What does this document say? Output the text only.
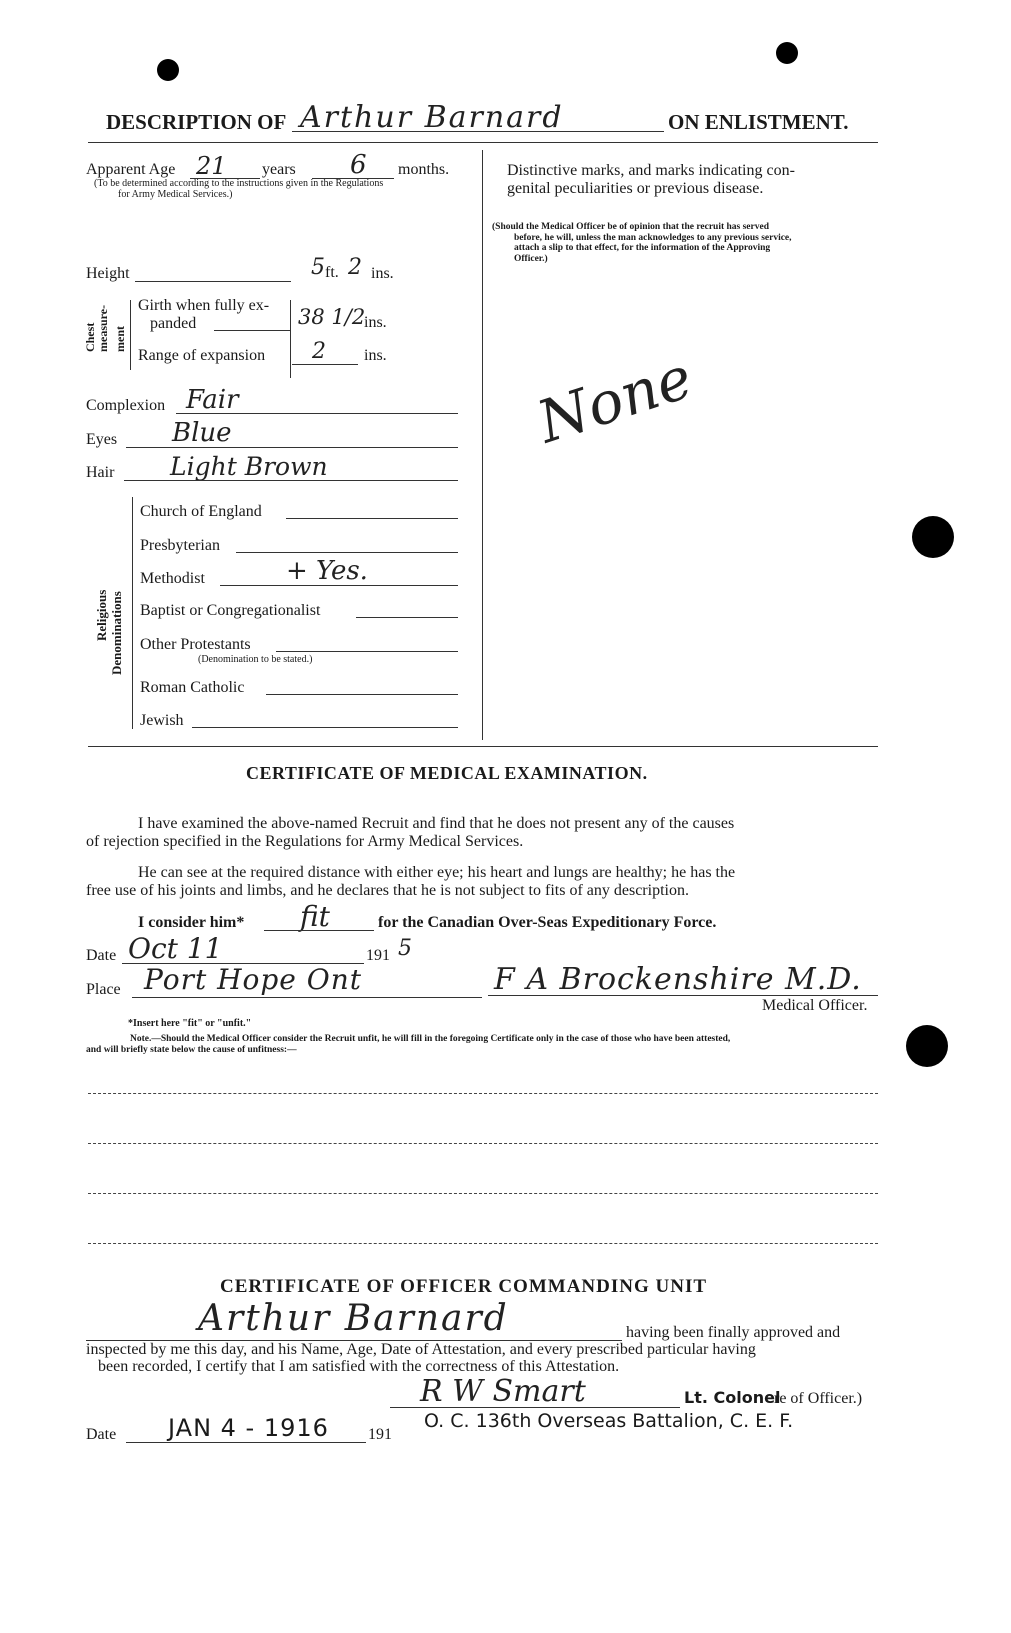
DESCRIPTION OF Arthur Barnard	ON ENLISTMENT.
Apparent Age 21 years 6 months.
(To be determined according to the instructions given in the Regulations
for Army Medical Services.)
Height	5 ft. 2 ins.
Chest measure- ment
Girth when fully ex-
panded	38 1/2
ins.
Range of expansion 2 ins.
Complexion Fair
Eyes Blue
Hair Light Brown
Religious Denominations
Church of England
Presbyterian
Methodist	+ Yes.
Baptist or Congregationalist
Other Protestants
(Denomination to be stated.)
Roman Catholic
Jewish
Distinctive marks, and marks indicating con-
genital peculiarities or previous disease.
(Should the Medical Officer be of opinion that the recruit has served
before, he will, unless the man acknowledges to any previous service,
attach a slip to that effect, for the information of the Approving
Officer.)
None
CERTIFICATE OF MEDICAL EXAMINATION.
I have examined the above-named Recruit and find that he does not present any of the causes
of rejection specified in the Regulations for Army Medical Services.
He can see at the required distance with either eye; his heart and lungs are healthy; he has the
free use of his joints and limbs, and he declares that he is not subject to fits of any description.
I consider him* fit	for the Canadian Over-Seas Expeditionary Force.
Date Oct 11	191 5
Place Port Hope Ont	F A Brockenshire M.D.
Medical Officer.
*Insert here "fit" or "unfit."
Note.—Should the Medical Officer consider the Recruit unfit, he will fill in the foregoing Certificate only in the case of those who have been attested,
and will briefly state below the cause of unfitness:—
CERTIFICATE OF OFFICER COMMANDING UNIT
Arthur Barnard	having been finally approved and
inspected by me this day, and his Name, Age, Date of Attestation, and every prescribed particular having
been recorded, I certify that I am satisfied with the correctness of this Attestation.
R W Smart	Lt. Colonel
re of Officer.)
Date JAN 4 - 1916 191
O. C. 136th Overseas Battalion, C. E. F.
